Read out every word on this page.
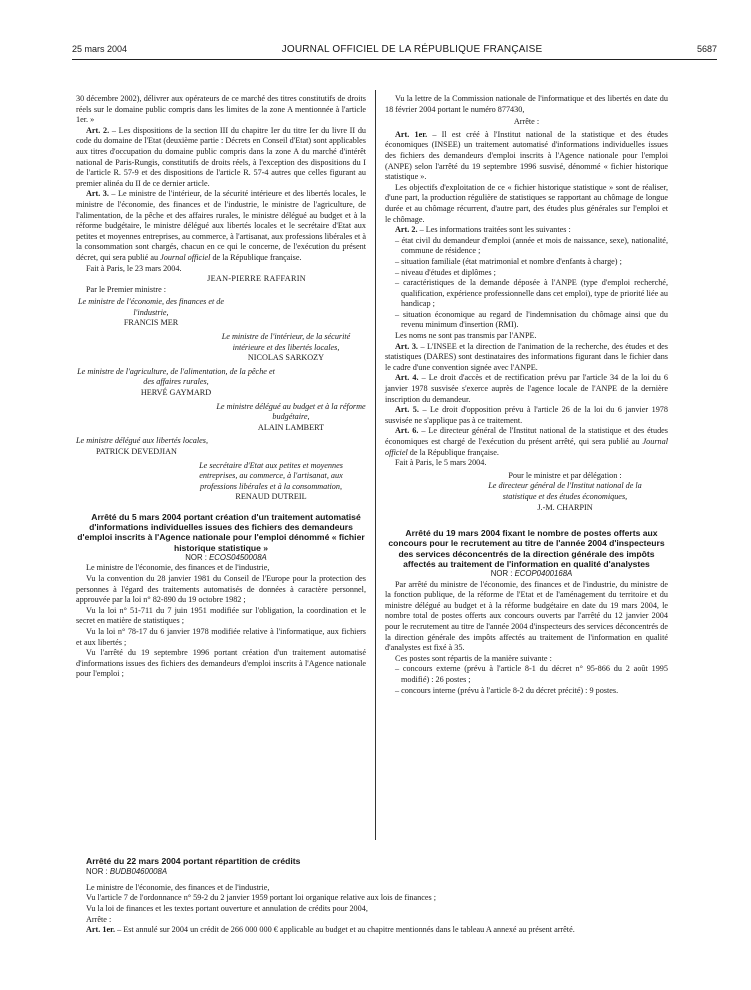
25 mars 2004	JOURNAL OFFICIEL DE LA RÉPUBLIQUE FRANÇAISE	5687

30 décembre 2002), délivrer aux opérateurs de ce marché des titres constitutifs de droits réels sur le domaine public compris dans les limites de la zone A mentionnée à l'article 1er. »

Art. 2. – Les dispositions de la section III du chapitre Ier du titre Ier du livre II du code du domaine de l'Etat (deuxième partie : Décrets en Conseil d'Etat) sont applicables aux titres d'occupation du domaine public compris dans la zone A du marché d'intérêt national de Paris-Rungis, constitutifs de droits réels, à l'exception des dispositions du I de l'article R. 57-9 et des dispositions de l'article R. 57-4 autres que celles figurant au premier alinéa du II de ce dernier article.

Art. 3. – Le ministre de l'intérieur, de la sécurité intérieure et des libertés locales, le ministre de l'économie, des finances et de l'industrie, le ministre de l'agriculture, de l'alimentation, de la pêche et des affaires rurales, le ministre délégué au budget et à la réforme budgétaire, le ministre délégué aux libertés locales et le secrétaire d'Etat aux petites et moyennes entreprises, au commerce, à l'artisanat, aux professions libérales et à la consommation sont chargés, chacun en ce qui le concerne, de l'exécution du présent décret, qui sera publié au Journal officiel de la République française.

Fait à Paris, le 23 mars 2004.

JEAN-PIERRE RAFFARIN

Par le Premier ministre :

Le ministre de l'économie, des finances et de l'industrie,
FRANCIS MER
Le ministre de l'intérieur, de la sécurité intérieure et des libertés locales,
NICOLAS SARKOZY
Le ministre de l'agriculture, de l'alimentation, de la pêche et des affaires rurales,
HERVÉ GAYMARD
Le ministre délégué au budget et à la réforme budgétaire,
ALAIN LAMBERT
Le ministre délégué aux libertés locales,
PATRICK DEVEDJIAN
Le secrétaire d'Etat aux petites et moyennes entreprises, au commerce, à l'artisanat, aux professions libérales et à la consommation,
RENAUD DUTREIL

Arrêté du 5 mars 2004 portant création d'un traitement automatisé d'informations individuelles issues des fichiers des demandeurs d'emploi inscrits à l'Agence nationale pour l'emploi dénommé « fichier historique statistique »

NOR : ECOS0450008A

Le ministre de l'économie, des finances et de l'industrie,

Vu la convention du 28 janvier 1981 du Conseil de l'Europe pour la protection des personnes à l'égard des traitements automatisés de données à caractère personnel, approuvée par la loi n° 82-890 du 19 octobre 1982 ;

Vu la loi n° 51-711 du 7 juin 1951 modifiée sur l'obligation, la coordination et le secret en matière de statistiques ;

Vu la loi n° 78-17 du 6 janvier 1978 modifiée relative à l'informatique, aux fichiers et aux libertés ;

Vu l'arrêté du 19 septembre 1996 portant création d'un traitement automatisé d'informations issues des fichiers des demandeurs d'emploi inscrits à l'Agence nationale pour l'emploi ;

Vu la lettre de la Commission nationale de l'informatique et des libertés en date du 18 février 2004 portant le numéro 877430,

Arrête :

Art. 1er. – Il est créé à l'Institut national de la statistique et des études économiques (INSEE) un traitement automatisé d'informations individuelles issues des fichiers des demandeurs d'emploi inscrits à l'Agence nationale pour l'emploi (ANPE) selon l'arrêté du 19 septembre 1996 susvisé, dénommé « fichier historique statistique ».

Les objectifs d'exploitation de ce « fichier historique statistique » sont de réaliser, d'une part, la production régulière de statistiques se rapportant au chômage de longue durée et au chômage récurrent, d'autre part, des études plus générales sur l'emploi et le chômage.

Art. 2. – Les informations traitées sont les suivantes :

– état civil du demandeur d'emploi (année et mois de naissance, sexe), nationalité, commune de résidence ;
– situation familiale (état matrimonial et nombre d'enfants à charge) ;
– niveau d'études et diplômes ;
– caractéristiques de la demande déposée à l'ANPE (type d'emploi recherché, qualification, expérience professionnelle dans cet emploi), type de priorité liée au handicap ;
– situation économique au regard de l'indemnisation du chômage ainsi que du revenu minimum d'insertion (RMI).

Les noms ne sont pas transmis par l'ANPE.

Art. 3. – L'INSEE et la direction de l'animation de la recherche, des études et des statistiques (DARES) sont destinataires des informations figurant dans le fichier dans le cadre d'une convention signée avec l'ANPE.

Art. 4. – Le droit d'accès et de rectification prévu par l'article 34 de la loi du 6 janvier 1978 susvisée s'exerce auprès de l'agence locale de l'ANPE de la dernière inscription du demandeur.

Art. 5. – Le droit d'opposition prévu à l'article 26 de la loi du 6 janvier 1978 susvisée ne s'applique pas à ce traitement.

Art. 6. – Le directeur général de l'Institut national de la statistique et des études économiques est chargé de l'exécution du présent arrêté, qui sera publié au Journal officiel de la République française.

Fait à Paris, le 5 mars 2004.

Pour le ministre et par délégation :
Le directeur général de l'Institut national de la statistique et des études économiques,
J.-M. CHARPIN

Arrêté du 19 mars 2004 fixant le nombre de postes offerts aux concours pour le recrutement au titre de l'année 2004 d'inspecteurs des services déconcentrés de la direction générale des impôts affectés au traitement de l'information en qualité d'analystes

NOR : ECOP0400168A

Par arrêté du ministre de l'économie, des finances et de l'industrie, du ministre de la fonction publique, de la réforme de l'Etat et de l'aménagement du territoire et du ministre délégué au budget et à la réforme budgétaire en date du 19 mars 2004, le nombre total de postes offerts aux concours ouverts par l'arrêté du 12 janvier 2004 pour le recrutement au titre de l'année 2004 d'inspecteurs des services déconcentrés de la direction générale des impôts affectés au traitement de l'information en qualité d'analystes est fixé à 35.

Ces postes sont répartis de la manière suivante :

– concours externe (prévu à l'article 8-1 du décret n° 95-866 du 2 août 1995 modifié) : 26 postes ;
– concours interne (prévu à l'article 8-2 du décret précité) : 9 postes.

Arrêté du 22 mars 2004 portant répartition de crédits

NOR : BUDB0460008A

Le ministre de l'économie, des finances et de l'industrie,

Vu l'article 7 de l'ordonnance n° 59-2 du 2 janvier 1959 portant loi organique relative aux lois de finances ;

Vu la loi de finances et les textes portant ouverture et annulation de crédits pour 2004,

Arrête :

Art. 1er. – Est annulé sur 2004 un crédit de 266 000 000 € applicable au budget et au chapitre mentionnés dans le tableau A annexé au présent arrêté.
